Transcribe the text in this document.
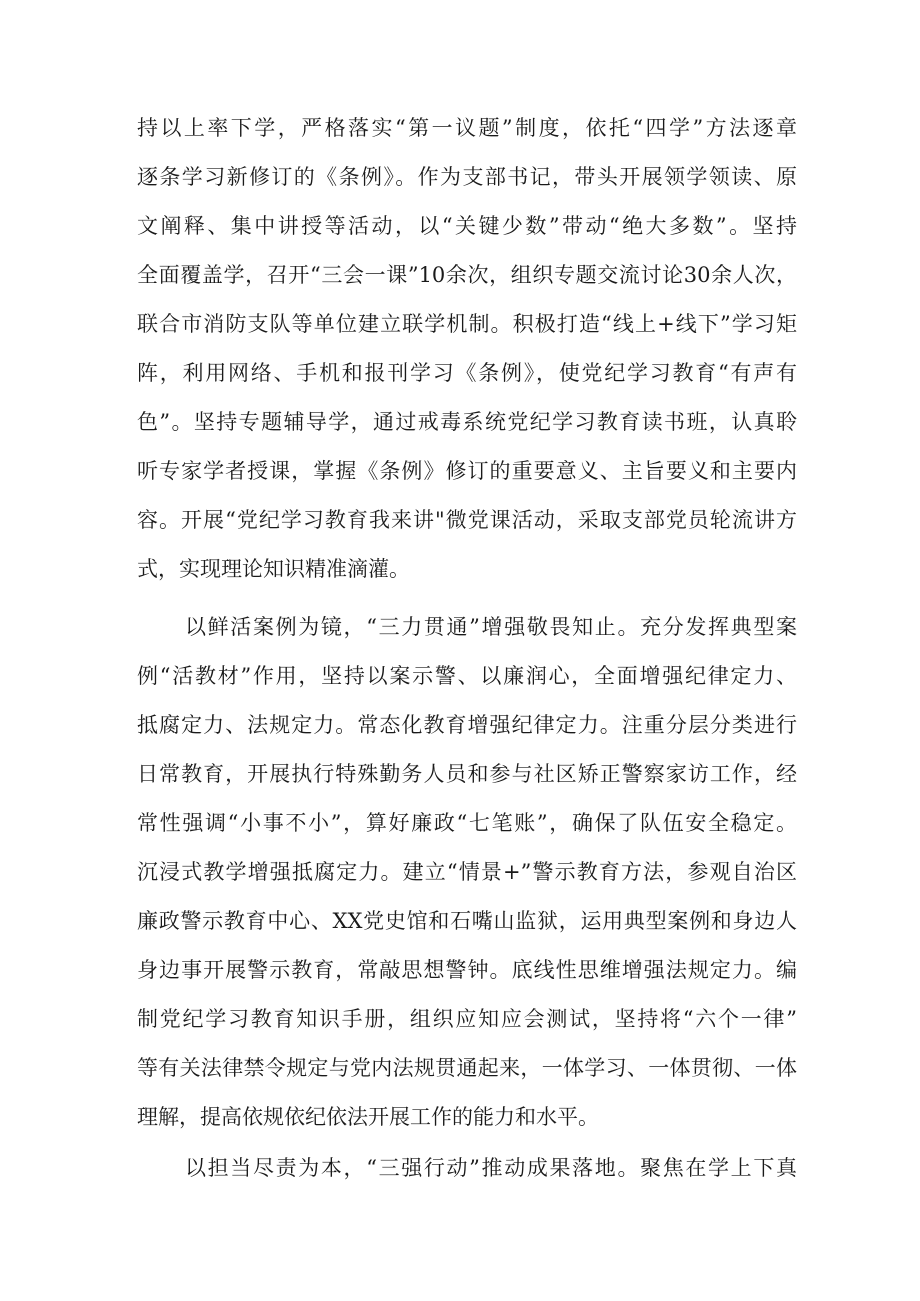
持以上率下学，严格落实“第一议题”制度，依托“四学”方法逐章
逐条学习新修订的《条例》。作为支部书记，带头开展领学领读、原
文阐释、集中讲授等活动，以“关键少数”带动“绝大多数”。坚持
全面覆盖学，召开“三会一课”10余次，组织专题交流讨论30余人次，
联合市消防支队等单位建立联学机制。积极打造“线上+线下”学习矩
阵，利用网络、手机和报刊学习《条例》，使党纪学习教育“有声有
色”。坚持专题辅导学，通过戒毒系统党纪学习教育读书班，认真聆
听专家学者授课，掌握《条例》修订的重要意义、主旨要义和主要内
容。开展“党纪学习教育我来讲"微党课活动，采取支部党员轮流讲方
式，实现理论知识精准滴灌。
以鲜活案例为镜，“三力贯通”增强敬畏知止。充分发挥典型案
例“活教材”作用，坚持以案示警、以廉润心，全面增强纪律定力、
抵腐定力、法规定力。常态化教育增强纪律定力。注重分层分类进行
日常教育，开展执行特殊勤务人员和参与社区矫正警察家访工作，经
常性强调“小事不小”，算好廉政“七笔账”，确保了队伍安全稳定。
沉浸式教学增强抵腐定力。建立“情景+”警示教育方法，参观自治区
廉政警示教育中心、XX党史馆和石嘴山监狱，运用典型案例和身边人
身边事开展警示教育，常敲思想警钟。底线性思维增强法规定力。编
制党纪学习教育知识手册，组织应知应会测试，坚持将“六个一律”
等有关法律禁令规定与党内法规贯通起来，一体学习、一体贯彻、一体
理解，提高依规依纪依法开展工作的能力和水平。
以担当尽责为本，“三强行动”推动成果落地。聚焦在学上下真
